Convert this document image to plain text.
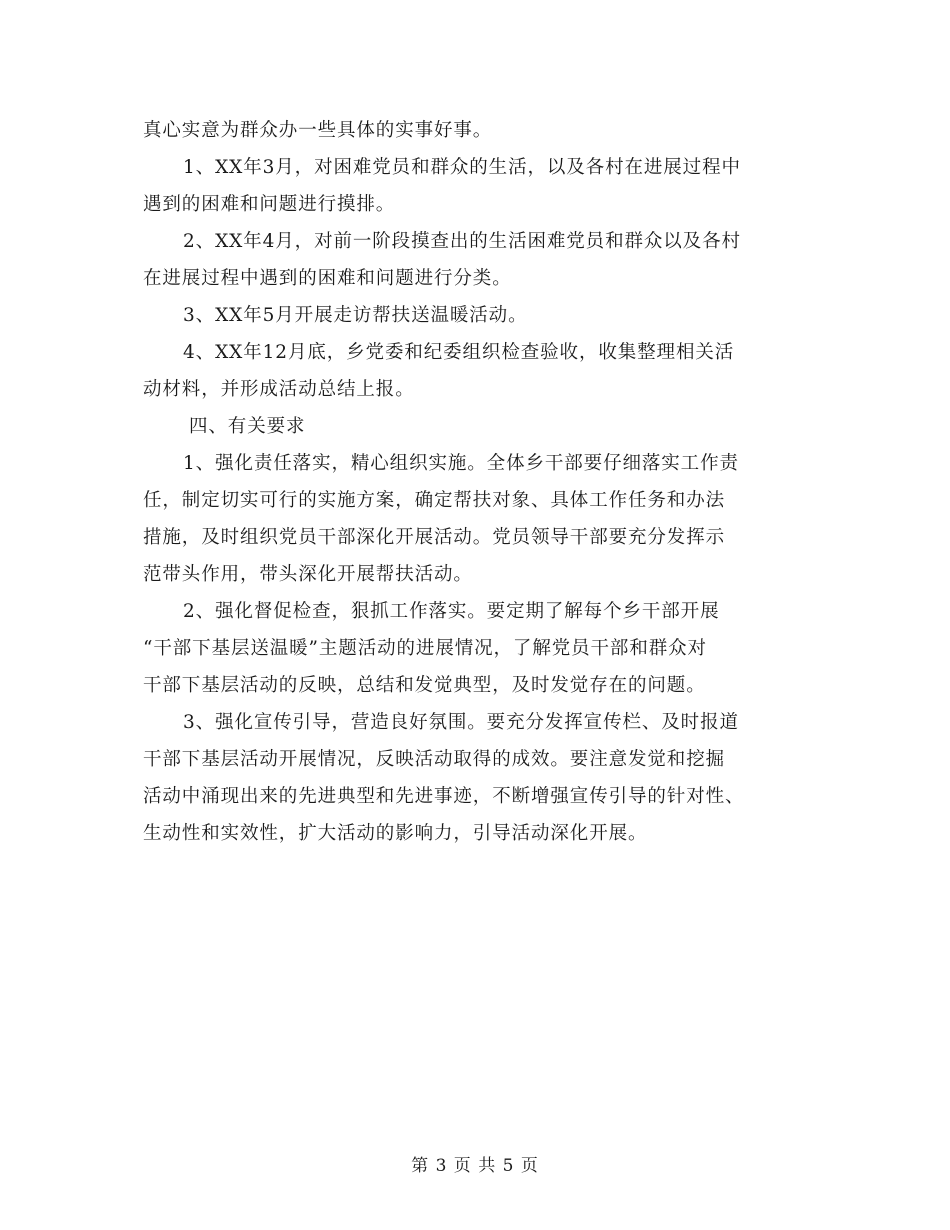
真心实意为群众办一些具体的实事好事。
1、XX年3月，对困难党员和群众的生活，以及各村在进展过程中
遇到的困难和问题进行摸排。
2、XX年4月，对前一阶段摸查出的生活困难党员和群众以及各村
在进展过程中遇到的困难和问题进行分类。
3、XX年5月开展走访帮扶送温暖活动。
4、XX年12月底，乡党委和纪委组织检查验收，收集整理相关活
动材料，并形成活动总结上报。
四、有关要求
1、强化责任落实，精心组织实施。全体乡干部要仔细落实工作责
任，制定切实可行的实施方案，确定帮扶对象、具体工作任务和办法
措施，及时组织党员干部深化开展活动。党员领导干部要充分发挥示
范带头作用，带头深化开展帮扶活动。
2、强化督促检查，狠抓工作落实。要定期了解每个乡干部开展
“干部下基层送温暖”主题活动的进展情况，了解党员干部和群众对
干部下基层活动的反映，总结和发觉典型，及时发觉存在的问题。
3、强化宣传引导，营造良好氛围。要充分发挥宣传栏、及时报道
干部下基层活动开展情况，反映活动取得的成效。要注意发觉和挖掘
活动中涌现出来的先进典型和先进事迹，不断增强宣传引导的针对性、
生动性和实效性，扩大活动的影响力，引导活动深化开展。
第 3 页 共 5 页
